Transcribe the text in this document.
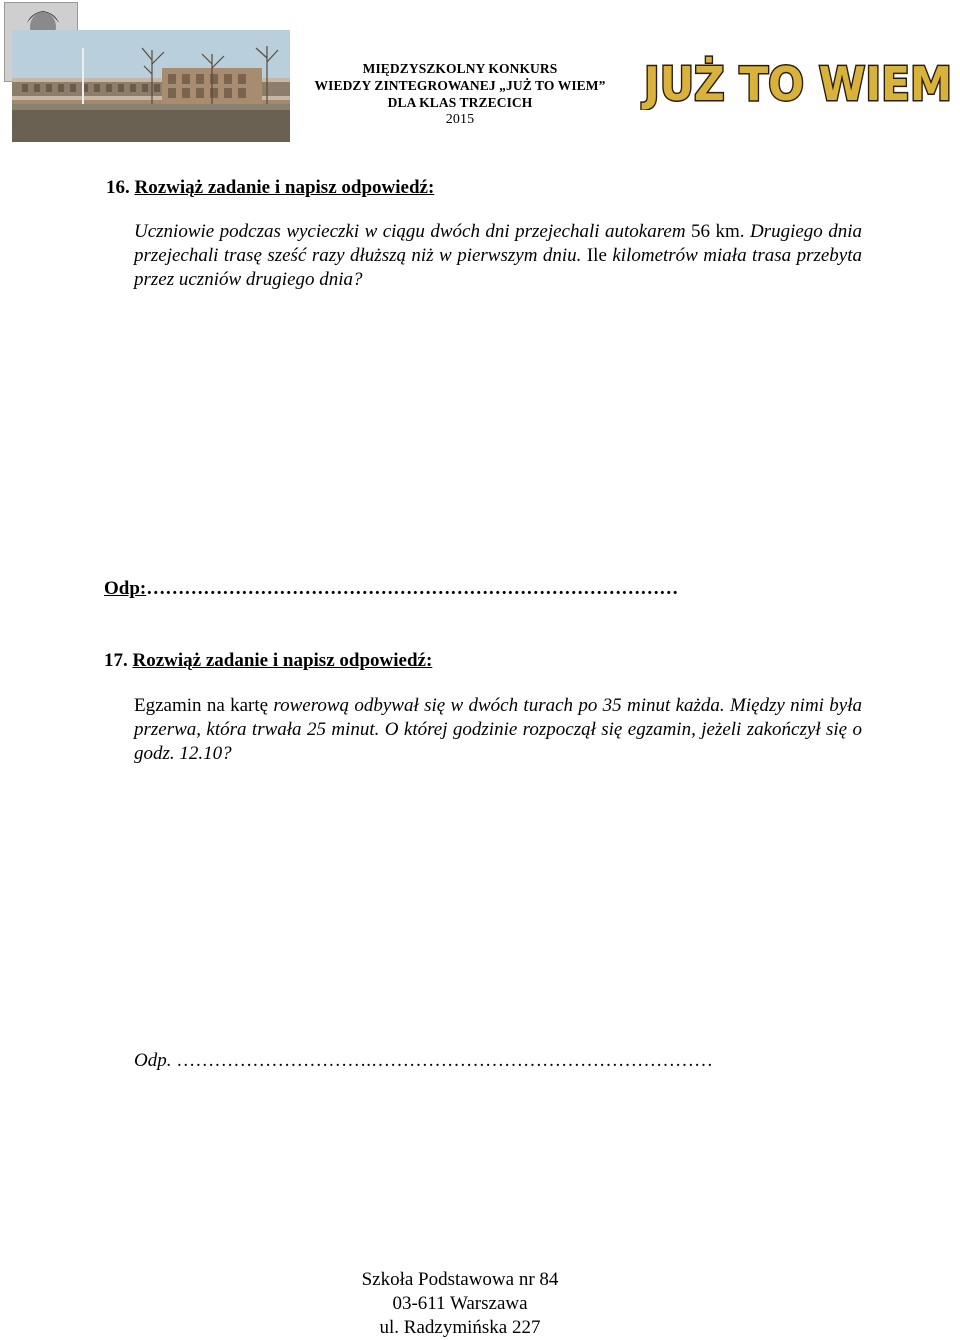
MIĘDZYSZKOLNY KONKURS
WIEDZY ZINTEGROWANEJ „JUŻ TO WIEM”
DLA KLAS TRZECICH
2015
JUŻ TO WIEM
16. Rozwiąż zadanie i napisz odpowiedź:
Uczniowie podczas wycieczki w ciągu dwóch dni przejechali autokarem 56 km. Drugiego dnia przejechali trasę sześć razy dłuższą niż w pierwszym dniu. Ile kilometrów miała trasa przebyta przez uczniów drugiego dnia?
Odp:…………………………………………………………………………
17. Rozwiąż zadanie i napisz odpowiedź:
Egzamin na kartę rowerową odbywał się w dwóch turach po 35 minut każda. Między nimi była przerwa, która trwała 25 minut. O której godzinie rozpoczął się egzamin, jeżeli zakończył się o godz. 12.10?
Odp. ………………………….………………………………………………
Szkoła Podstawowa nr 84
03-611 Warszawa
ul. Radzymińska 227
